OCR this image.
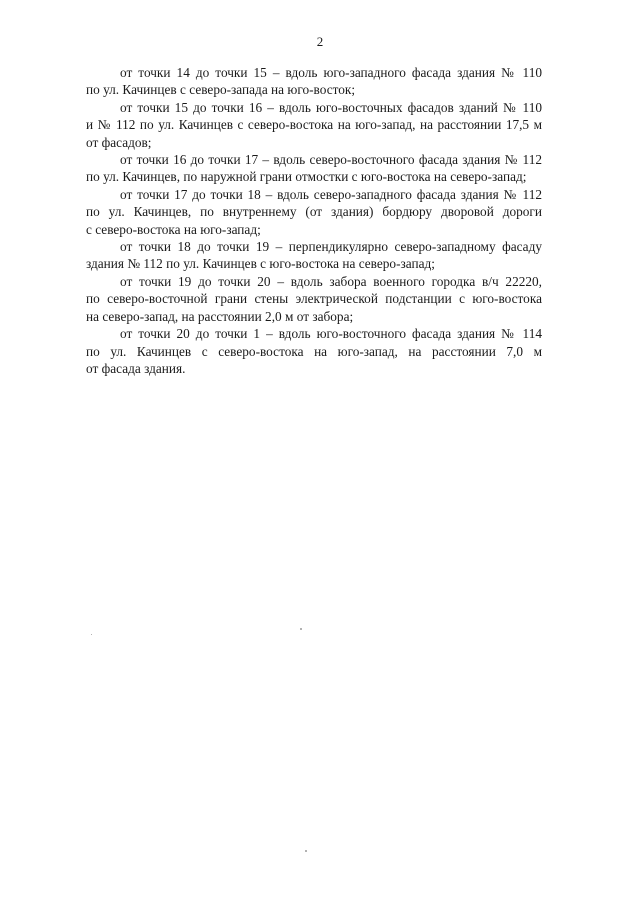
2
от точки 14 до точки 15 – вдоль юго-западного фасада здания № 110
по ул. Качинцев с северо-запада на юго-восток;
от точки 15 до точки 16 – вдоль юго-восточных фасадов зданий № 110
и № 112 по ул. Качинцев с северо-востока на юго-запад, на расстоянии 17,5 м
от фасадов;
от точки 16 до точки 17 – вдоль северо-восточного фасада здания № 112
по ул. Качинцев, по наружной грани отмостки с юго-востока на северо-запад;
от точки 17 до точки 18 – вдоль северо-западного фасада здания № 112
по ул. Качинцев, по внутреннему (от здания) бордюру дворовой дороги
с северо-востока на юго-запад;
от точки 18 до точки 19 – перпендикулярно северо-западному фасаду
здания № 112 по ул. Качинцев с юго-востока на северо-запад;
от точки 19 до точки 20 – вдоль забора военного городка в/ч 22220,
по северо-восточной грани стены электрической подстанции с юго-востока
на северо-запад, на расстоянии 2,0 м от забора;
от точки 20 до точки 1 – вдоль юго-восточного фасада здания № 114
по ул. Качинцев с северо-востока на юго-запад, на расстоянии 7,0 м
от фасада здания.
